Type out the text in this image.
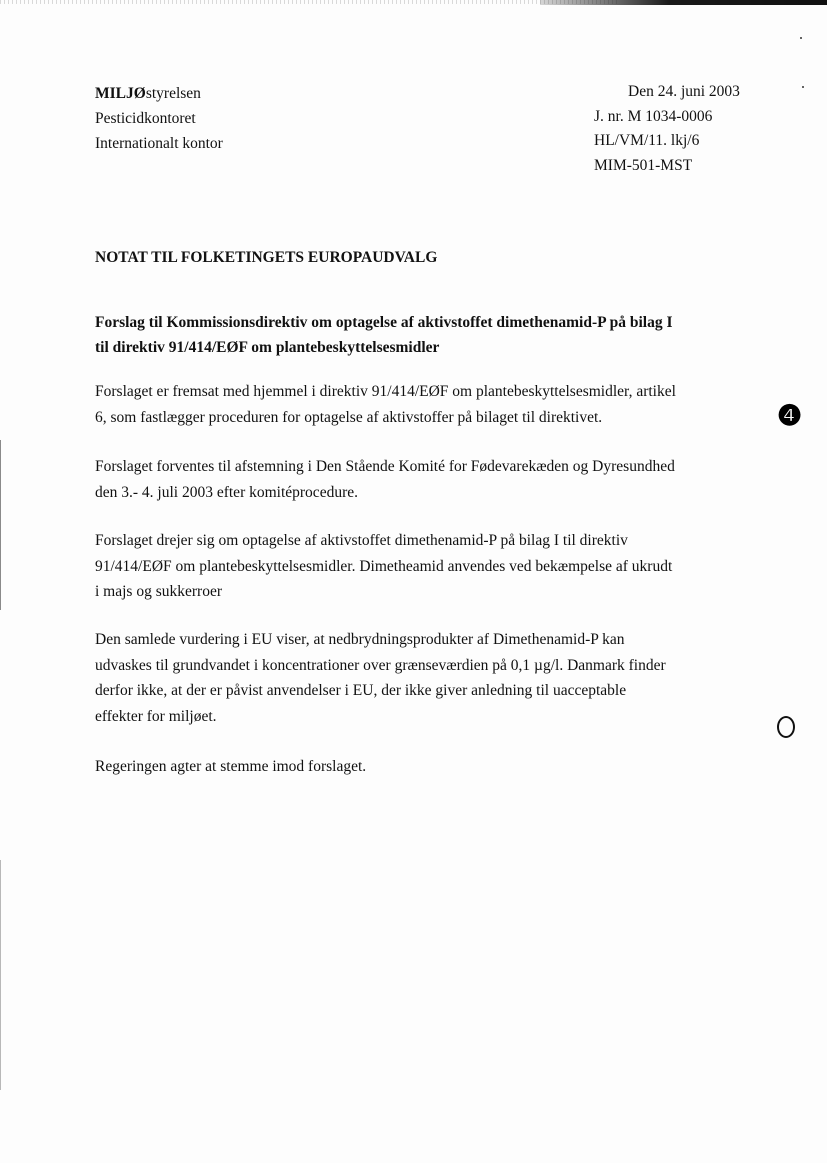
❹
MILJØstyrelsen
Pesticidkontoret
Internationalt kontor
Den 24. juni 2003
J. nr. M 1034-0006
HL/VM/11. lkj/6
MIM-501-MST
NOTAT TIL FOLKETINGETS EUROPAUDVALG
Forslag til Kommissionsdirektiv om optagelse af aktivstoffet dimethenamid-P på bilag I
til direktiv 91/414/EØF om plantebeskyttelsesmidler

Forslaget er fremsat med hjemmel i direktiv 91/414/EØF om plantebeskyttelsesmidler, artikel
6, som fastlægger proceduren for optagelse af aktivstoffer på bilaget til direktivet.

Forslaget forventes til afstemning i Den Stående Komité for Fødevarekæden og Dyresundhed
den 3.- 4. juli 2003 efter komitéprocedure.

Forslaget drejer sig om optagelse af aktivstoffet dimethenamid-P på bilag I til direktiv
91/414/EØF om plantebeskyttelsesmidler. Dimetheamid anvendes ved bekæmpelse af ukrudt
i majs og sukkerroer

Den samlede vurdering i EU viser, at nedbrydningsprodukter af Dimethenamid-P kan
udvaskes til grundvandet i koncentrationer over grænseværdien på 0,1 µg/l. Danmark finder
derfor ikke, at der er påvist anvendelser i EU, der ikke giver anledning til uacceptable
effekter for miljøet.

Regeringen agter at stemme imod forslaget.
